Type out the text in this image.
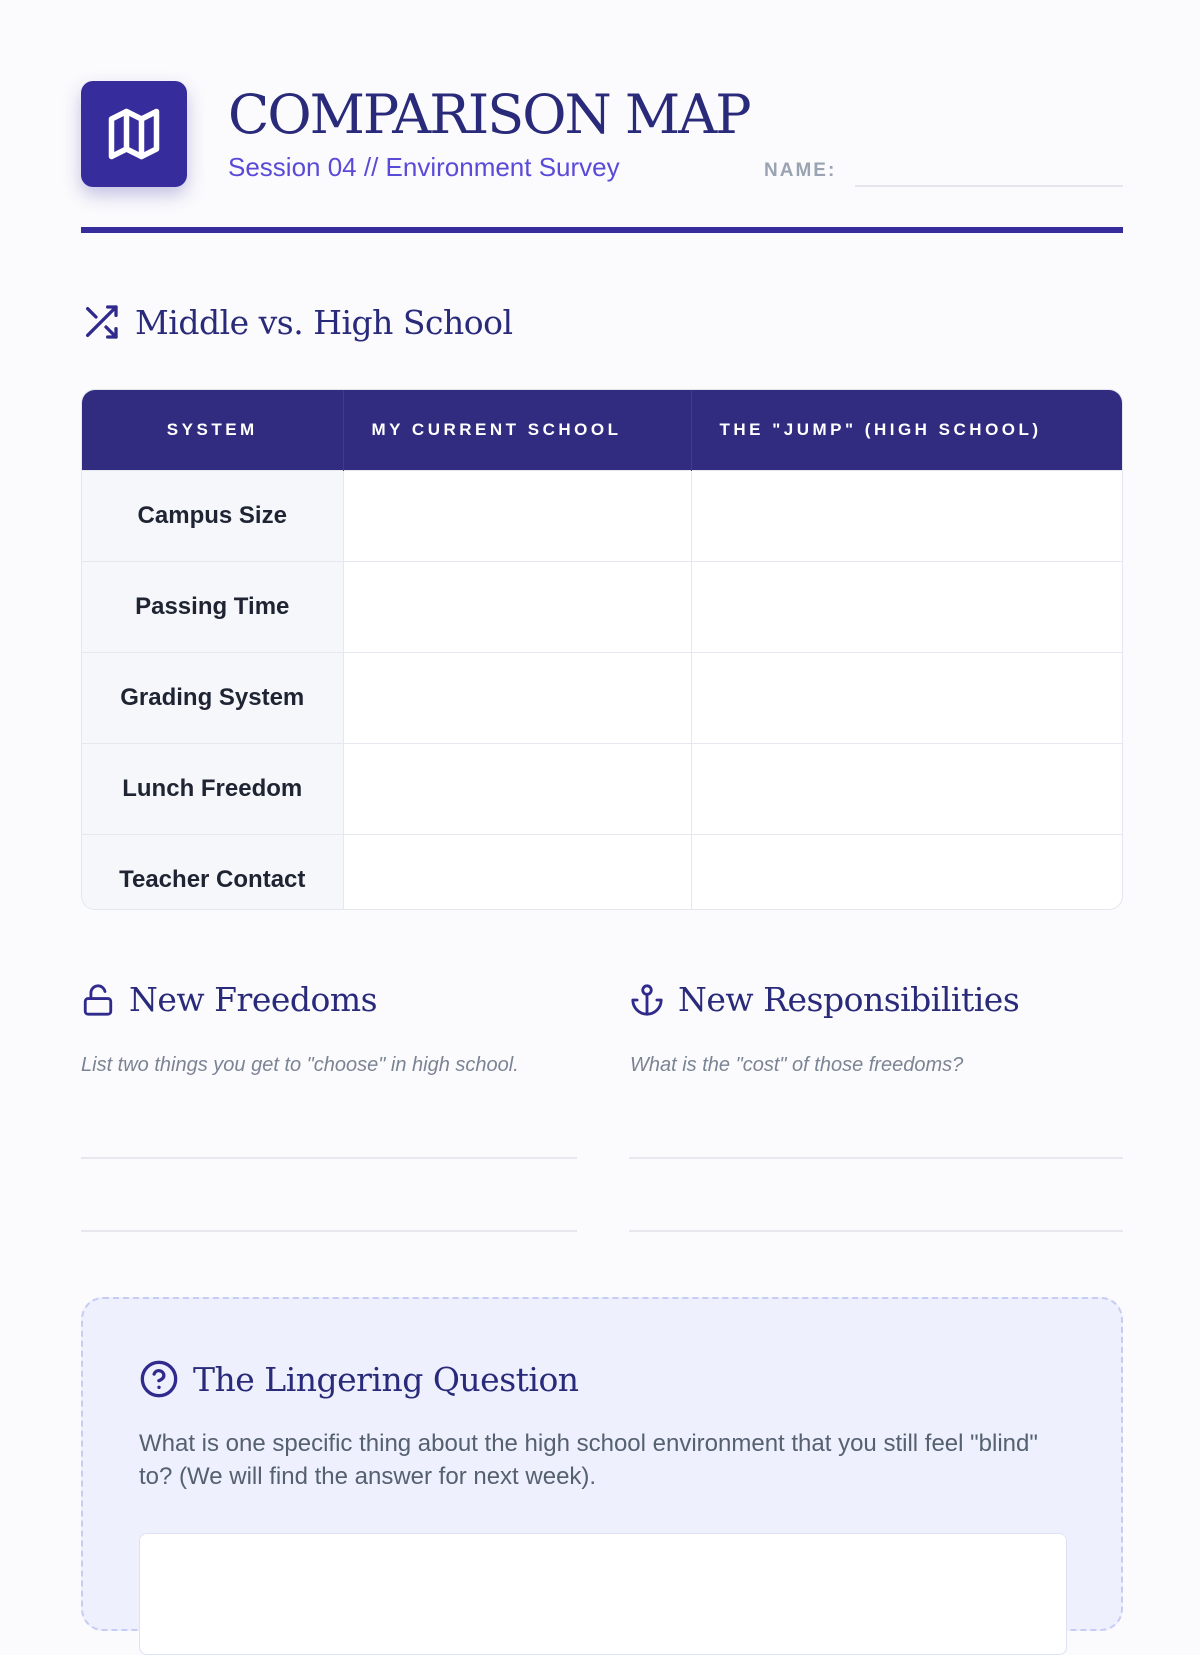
COMPARISON MAP
Session 04 // Environment Survey	NAME:
Middle vs. High School
SYSTEM	MY CURRENT SCHOOL	THE "JUMP" (HIGH SCHOOL)
Campus Size		
Passing Time		
Grading System		
Lunch Freedom		
Teacher Contact		
New Freedoms
List two things you get to "choose" in high school.
New Responsibilities
What is the "cost" of those freedoms?
The Lingering Question

What is one specific thing about the high school environment that you still feel "blind" to? (We will find the answer for next week).
